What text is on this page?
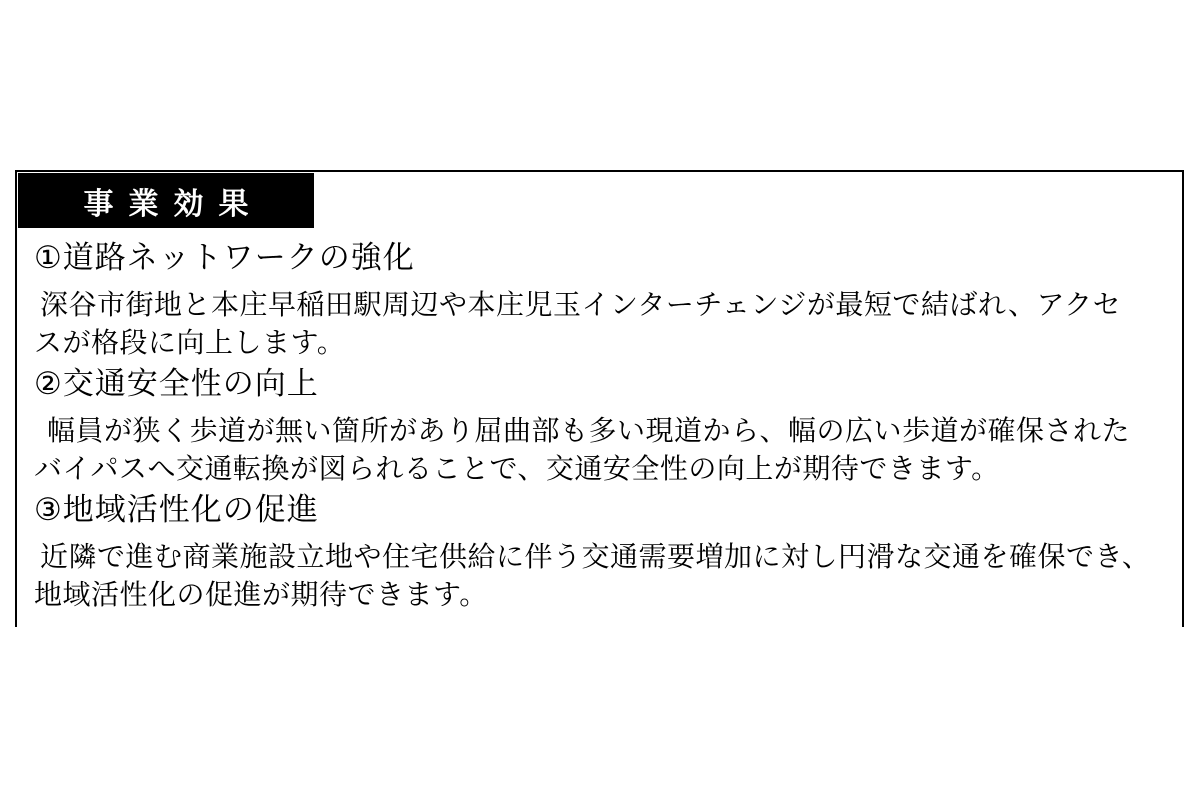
事業効果
①道路ネットワークの強化
深谷市街地と本庄早稲田駅周辺や本庄児玉インターチェンジが最短で結ばれ、アクセ
スが格段に向上します。
②交通安全性の向上
幅員が狭く歩道が無い箇所があり屈曲部も多い現道から、幅の広い歩道が確保された
バイパスへ交通転換が図られることで、交通安全性の向上が期待できます。
③地域活性化の促進
近隣で進む商業施設立地や住宅供給に伴う交通需要増加に対し円滑な交通を確保でき、
地域活性化の促進が期待できます。
